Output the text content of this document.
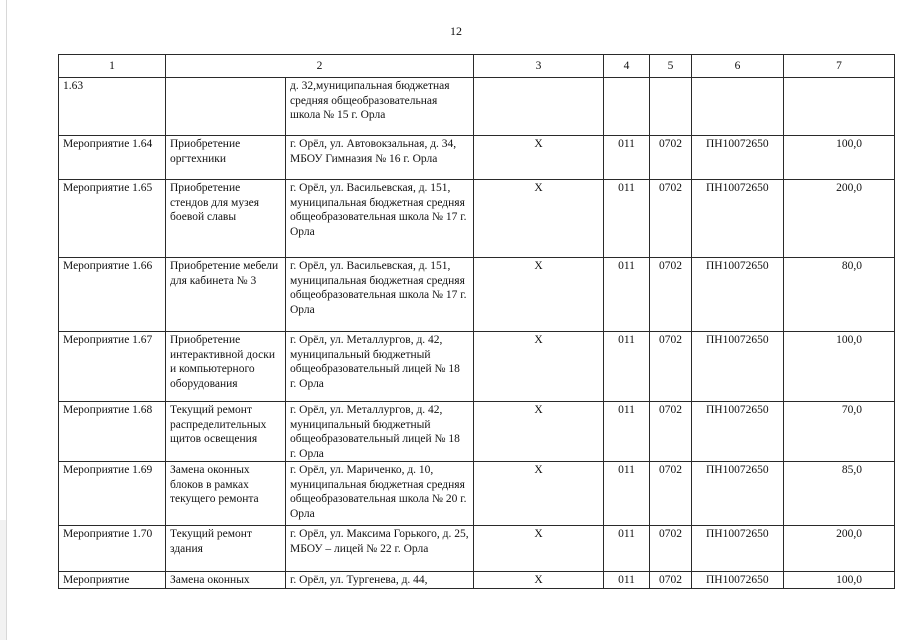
12
1	2		3	4	5	6	7
1.63		д. 32,муниципальная бюджетная средняя общеобразовательная школа № 15 г. Орла					
Мероприятие 1.64	Приобретение оргтехники	г. Орёл, ул. Автовокзальная, д. 34, МБОУ Гимназия № 16 г. Орла	X	011	0702	ПН10072650	100,0
Мероприятие 1.65	Приобретение стендов для музея боевой славы	г. Орёл, ул. Васильевская, д. 151, муниципальная бюджетная средняя общеобразовательная школа № 17 г. Орла	X	011	0702	ПН10072650	200,0
Мероприятие 1.66	Приобретение мебели для кабинета № 3	г. Орёл, ул. Васильевская, д. 151, муниципальная бюджетная средняя общеобразовательная школа № 17 г. Орла	X	011	0702	ПН10072650	80,0
Мероприятие 1.67	Приобретение интерактивной доски и компьютерного оборудования	г. Орёл, ул. Металлургов, д. 42, муниципальный бюджетный общеобразовательный лицей № 18 г. Орла	X	011	0702	ПН10072650	100,0
Мероприятие 1.68	Текущий ремонт распределительных щитов освещения	г. Орёл, ул. Металлургов, д. 42, муниципальный бюджетный общеобразовательный лицей № 18 г. Орла	X	011	0702	ПН10072650	70,0
Мероприятие 1.69	Замена оконных блоков в рамках текущего ремонта	г. Орёл, ул. Мариченко, д. 10, муниципальная бюджетная средняя общеобразовательная школа № 20 г. Орла	X	011	0702	ПН10072650	85,0
Мероприятие 1.70	Текущий ремонт здания	г. Орёл, ул. Максима Горького, д. 25, МБОУ – лицей № 22 г. Орла	X	011	0702	ПН10072650	200,0
Мероприятие	Замена оконных	г. Орёл, ул. Тургенева, д. 44,	X	011	0702	ПН10072650	100,0
